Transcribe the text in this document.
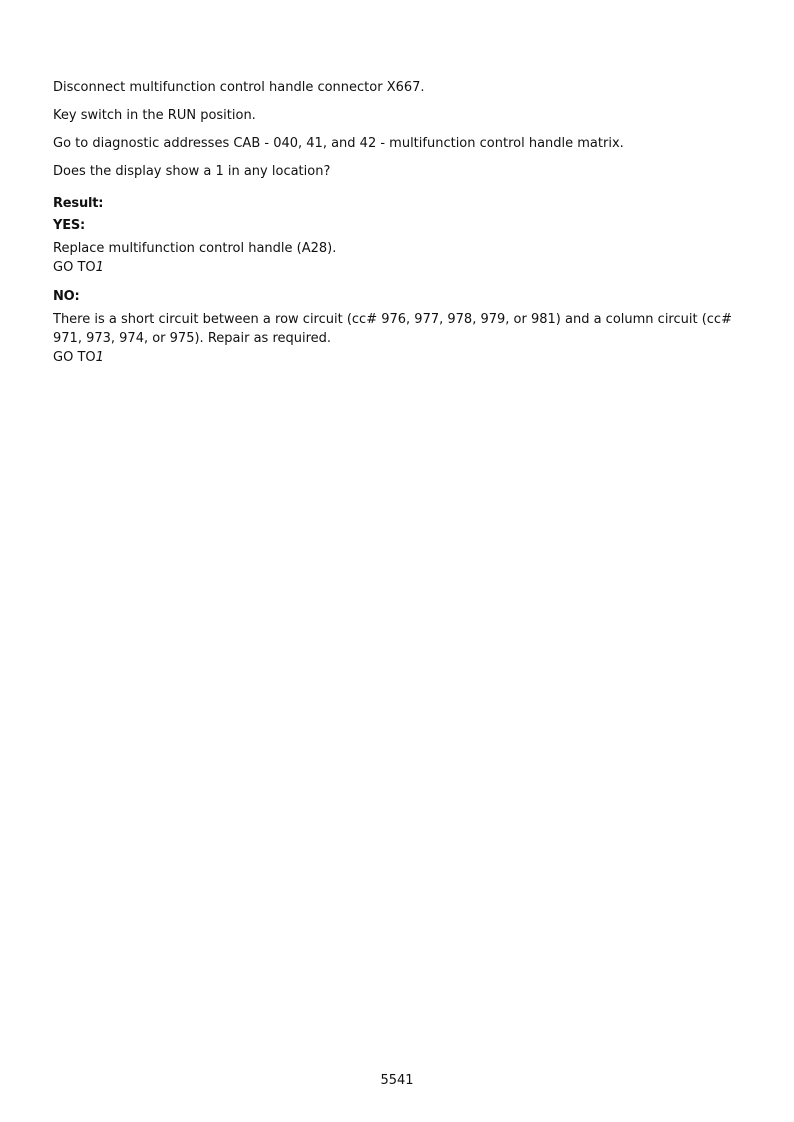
Disconnect multifunction control handle connector X667.

Key switch in the RUN position.

Go to diagnostic addresses CAB - 040, 41, and 42 - multifunction control handle matrix.

Does the display show a 1 in any location?

Result:
YES:

Replace multifunction control handle (A28).

GO TO1

NO:

There is a short circuit between a row circuit (cc# 976, 977, 978, 979, or 981) and a column circuit (cc# 971, 973, 974, or 975). Repair as required.

GO TO1

5541
